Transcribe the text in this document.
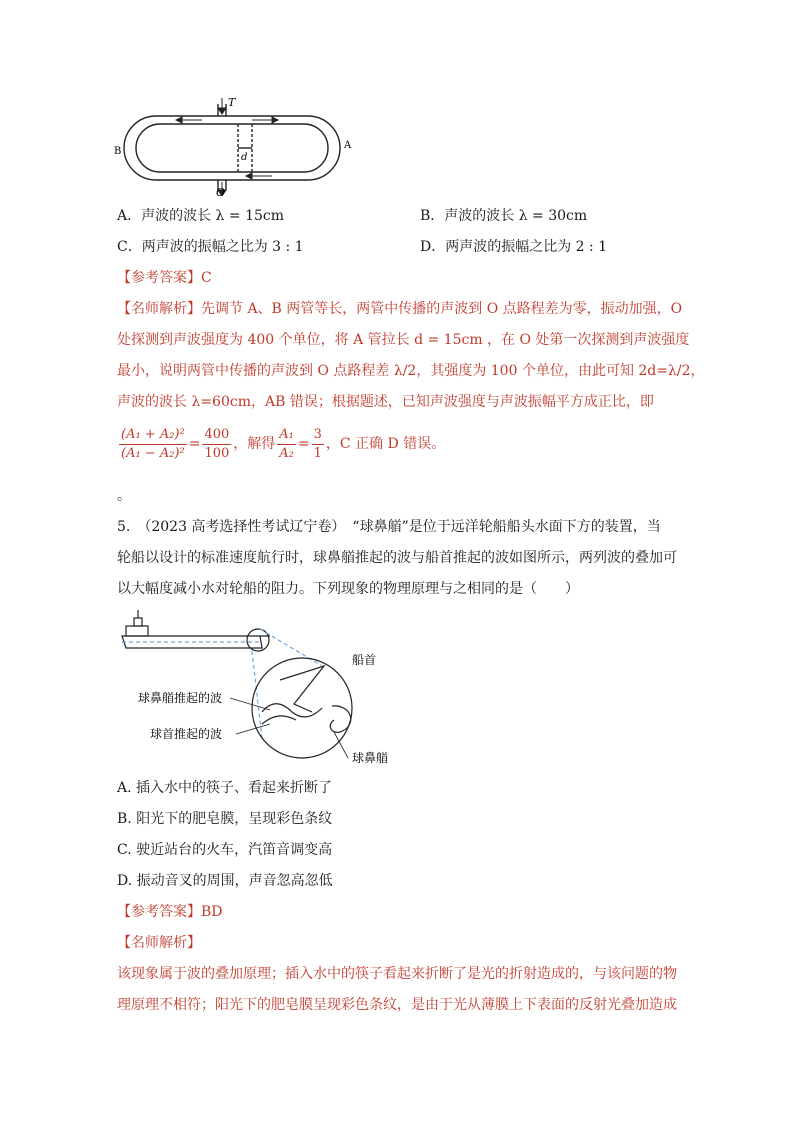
T
O
B
A
d
A．声波的波长 λ = 15cm	B．声波的波长 λ = 30cm
C．两声波的振幅之比为 3 : 1	D．两声波的振幅之比为 2 : 1
【参考答案】C
【名师解析】先调节 A、B 两管等长，两管中传播的声波到 O 点路程差为零，振动加强，O
处探测到声波强度为 400 个单位，将 A 管拉长 d = 15cm ，在 O 处第一次探测到声波强度
最小，说明两管中传播的声波到 O 点路程差 λ/2，其强度为 100 个单位，由此可知 2d=λ/2，
声波的波长 λ=60cm，AB 错误；根据题述，已知声波强度与声波振幅平方成正比，即
$\frac{\text{(A₁ + A₂)²}}{\text{(A₁ − A₂)²}} = \frac{400}{100}$ ，解得 $\frac{\text{A₁}}{\text{A₂}} = \frac{3}{1}$ ，C 正确 D 错误。
。
5.　（2023 高考选择性考试辽宁卷）　“球鼻艏”是位于远洋轮船船头水面下方的装置，当
轮船以设计的标准速度航行时，球鼻艏推起的波与船首推起的波如图所示，两列波的叠加可
以大幅度减小水对轮船的阻力。下列现象的物理原理与之相同的是（　　）
船首
球鼻艏推起的波
球首推起的波
球鼻艏
A. 插入水中的筷子、看起来折断了
B. 阳光下的肥皂膜，呈现彩色条纹
C. 驶近站台的火车，汽笛音调变高
D. 振动音叉的周围，声音忽高忽低
【参考答案】BD
【名师解析】
该现象属于波的叠加原理；插入水中的筷子看起来折断了是光的折射造成的，与该问题的物
理原理不相符；阳光下的肥皂膜呈现彩色条纹，是由于光从薄膜上下表面的反射光叠加造成
